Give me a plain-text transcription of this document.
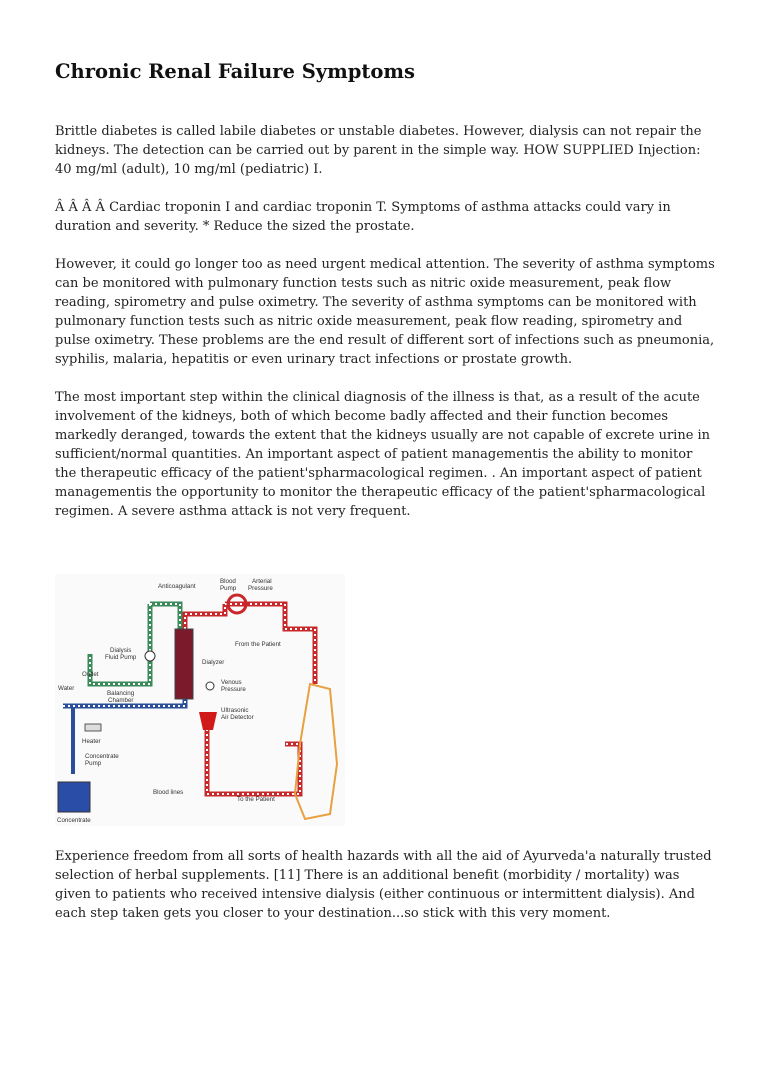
Chronic Renal Failure Symptoms

Brittle diabetes is called labile diabetes or unstable diabetes. However, dialysis can not repair the kidneys. The detection can be carried out by parent in the simple way. HOW SUPPLIED Injection: 40 mg/ml (adult), 10 mg/ml (pediatric) I.

Â Â Â Â Cardiac troponin I and cardiac troponin T. Symptoms of asthma attacks could vary in duration and severity. * Reduce the sized the prostate.

However, it could go longer too as need urgent medical attention. The severity of asthma symptoms can be monitored with pulmonary function tests such as nitric oxide measurement, peak flow reading, spirometry and pulse oximetry. The severity of asthma symptoms can be monitored with pulmonary function tests such as nitric oxide measurement, peak flow reading, spirometry and pulse oximetry. These problems are the end result of different sort of infections such as pneumonia, syphilis, malaria, hepatitis or even urinary tract infections or prostate growth.

The most important step within the clinical diagnosis of the illness is that, as a result of the acute involvement of the kidneys, both of which become badly affected and their function becomes markedly deranged, towards the extent that the kidneys usually are not capable of excrete urine in sufficient/normal quantities. An important aspect of patient managementis the ability to monitor the therapeutic efficacy of the patient'spharmacological regimen. . An important aspect of patient managementis the opportunity to monitor the therapeutic efficacy of the patient'spharmacological regimen. A severe asthma attack is not very frequent.

Anticoagulant
Blood
Pump
Arterial
Pressure
From the Patient
Dialysis
Fluid Pump
Dialyzer
Outlet
Water
Balancing
Chamber
Venous
Pressure
Ultrasonic
Air Detector
Heater
Concentrate
Pump
Blood lines
To the Patient
Concentrate

Experience freedom from all sorts of health hazards with all the aid of Ayurveda'a naturally trusted selection of herbal supplements. [11] There is an additional benefit (morbidity / mortality) was given to patients who received intensive dialysis (either continuous or intermittent dialysis). And each step taken gets you closer to your destination...so stick with this very moment.
